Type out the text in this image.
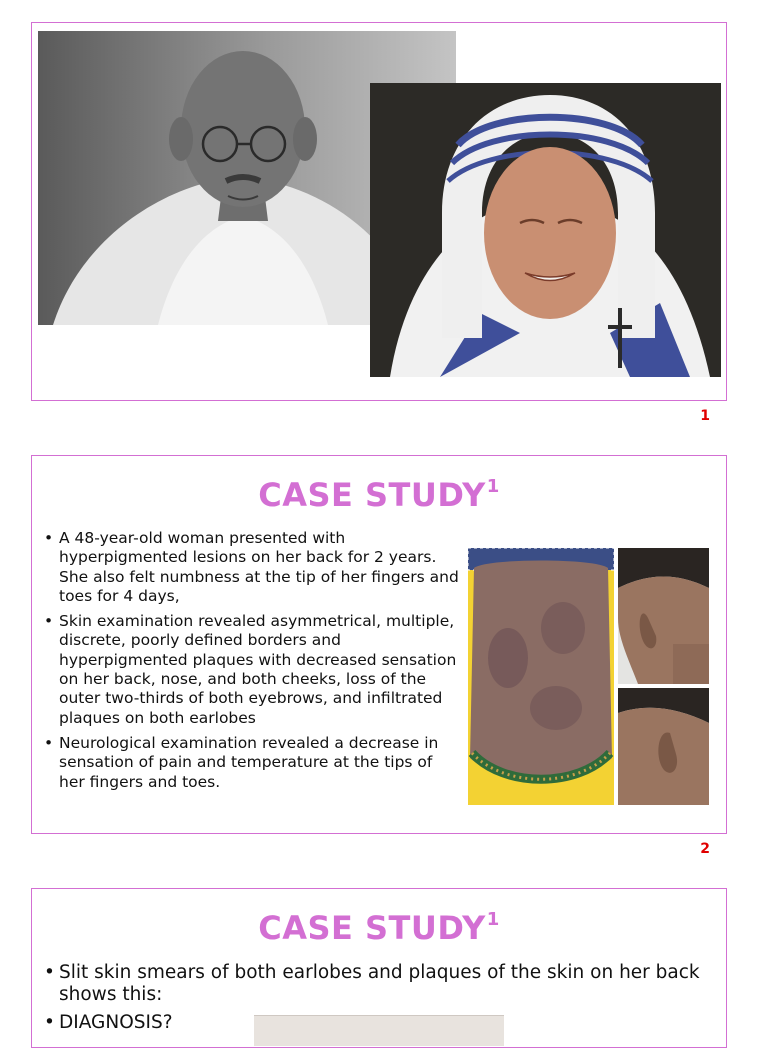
1
CASE STUDY$^1$
• A 48-year-old woman presented with hyperpigmented lesions on her back for 2 years. She also felt numbness at the tip of her fingers and toes for 4 days,
• Skin examination revealed asymmetrical, multiple, discrete, poorly defined borders and hyperpigmented plaques with decreased sensation on her back, nose, and both cheeks, loss of the outer two-thirds of both eyebrows, and infiltrated plaques on both earlobes
• Neurological examination revealed a decrease in sensation of pain and temperature at the tips of her fingers and toes.
2
CASE STUDY$^1$
• Slit skin smears of both earlobes and plaques of the skin on her back shows this:
• DIAGNOSIS?
